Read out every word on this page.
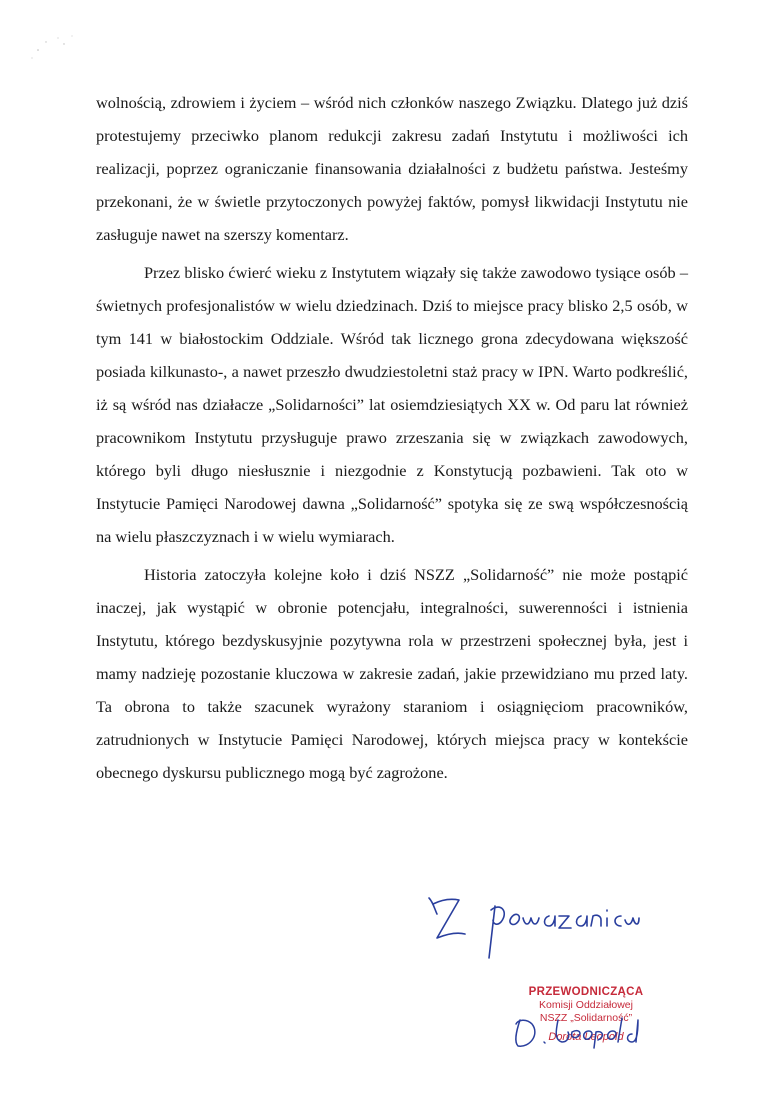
wolnością, zdrowiem i życiem – wśród nich członków naszego Związku. Dlatego już dziś protestujemy przeciwko planom redukcji zakresu zadań Instytutu i możliwości ich realizacji, poprzez ograniczanie finansowania działalności z budżetu państwa. Jesteśmy przekonani, że w świetle przytoczonych powyżej faktów, pomysł likwidacji Instytutu nie zasługuje nawet na szerszy komentarz.

Przez blisko ćwierć wieku z Instytutem wiązały się także zawodowo tysiące osób – świetnych profesjonalistów w wielu dziedzinach. Dziś to miejsce pracy blisko 2,5 osób, w tym 141 w białostockim Oddziale. Wśród tak licznego grona zdecydowana większość posiada kilkunasto-, a nawet przeszło dwudziestoletni staż pracy w IPN. Warto podkreślić, iż są wśród nas działacze „Solidarności” lat osiemdziesiątych XX w. Od paru lat również pracownikom Instytutu przysługuje prawo zrzeszania się w związkach zawodowych, którego byli długo niesłusznie i niezgodnie z Konstytucją pozbawieni. Tak oto w Instytucie Pamięci Narodowej dawna „Solidarność” spotyka się ze swą współczesnością na wielu płaszczyznach i w wielu wymiarach.

Historia zatoczyła kolejne koło i dziś NSZZ „Solidarność” nie może postąpić inaczej, jak wystąpić w obronie potencjału, integralności, suwerenności i istnienia Instytutu, którego bezdyskusyjnie pozytywna rola w przestrzeni społecznej była, jest i mamy nadzieję pozostanie kluczowa w zakresie zadań, jakie przewidziano mu przed laty. Ta obrona to także szacunek wyrażony staraniom i osiągnięciom pracowników, zatrudnionych w Instytucie Pamięci Narodowej, których miejsca pracy w kontekście obecnego dyskursu publicznego mogą być zagrożone.

Z poważaniem
PRZEWODNICZĄCA
Komisji Oddziałowej
NSZZ „Solidarność”
Dorota Leopold
D. Leopold
